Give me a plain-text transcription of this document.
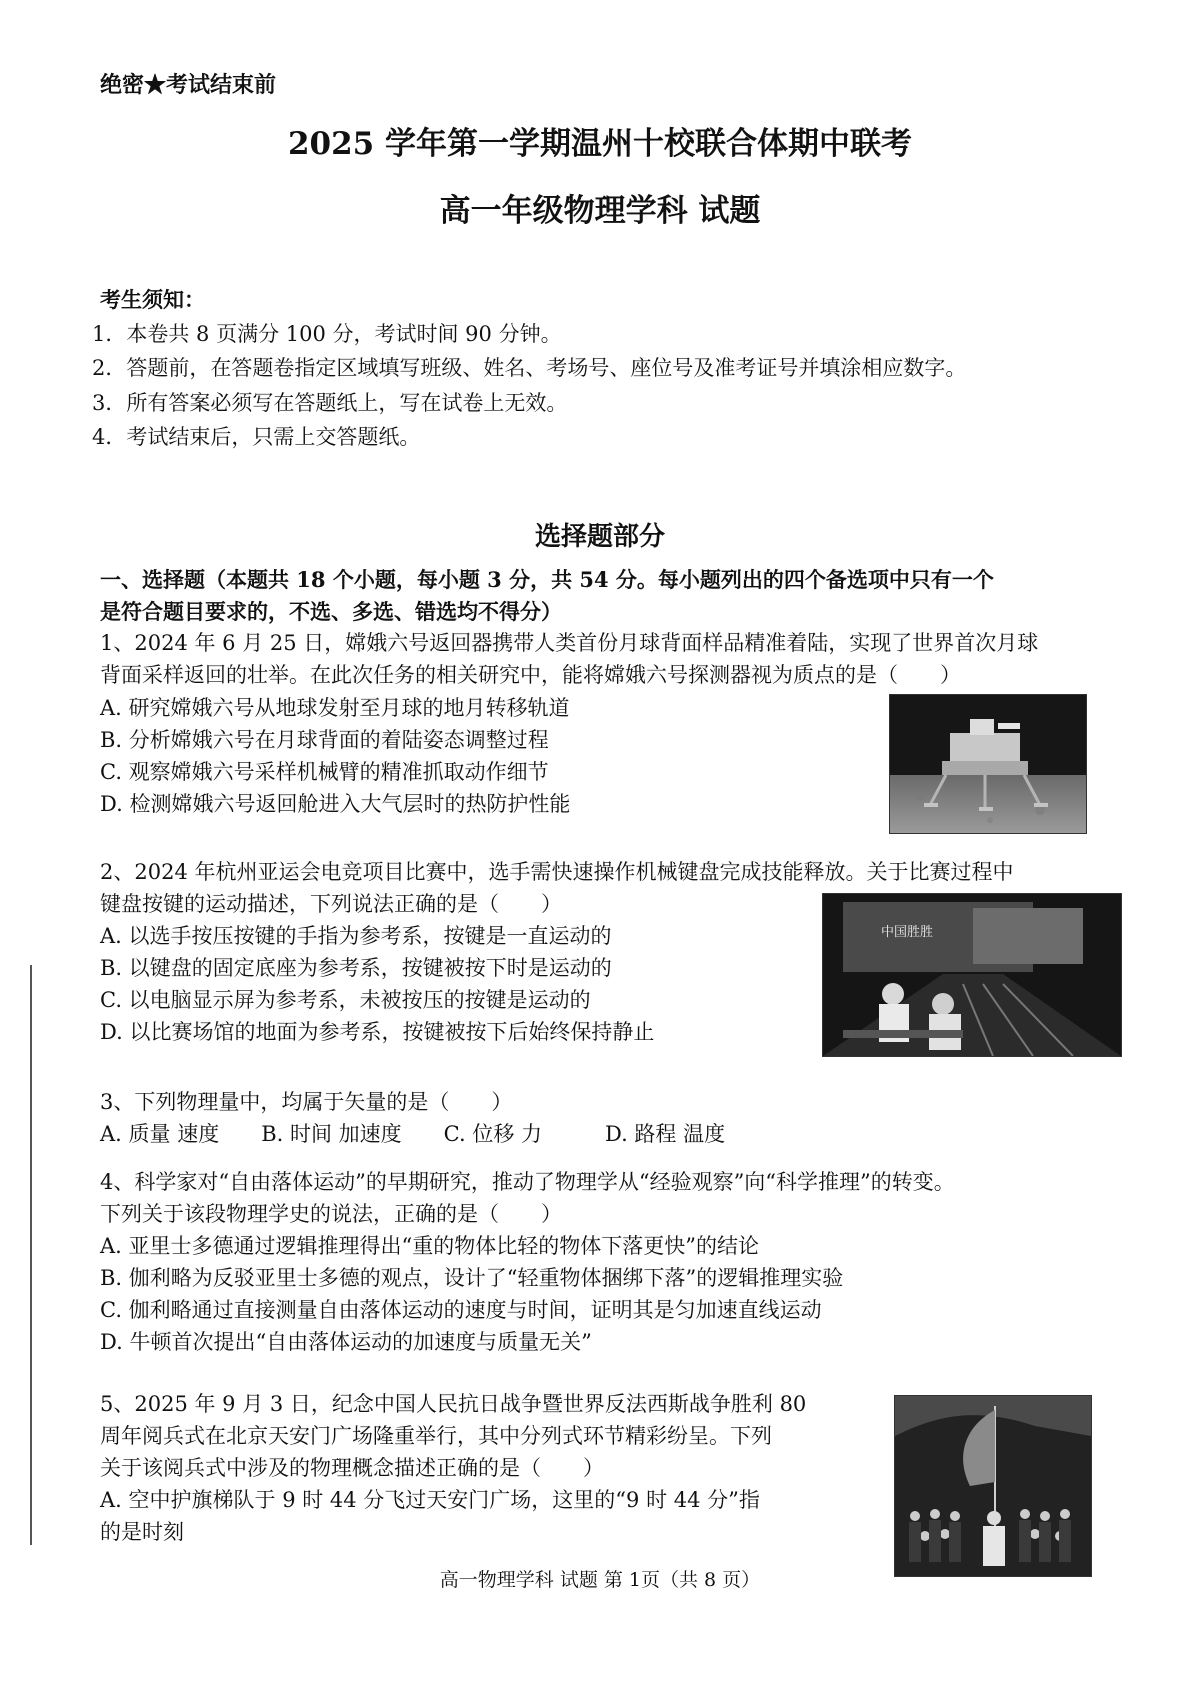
绝密★考试结束前
2025 学年第一学期温州十校联合体期中联考
高一年级物理学科 试题
考生须知：
1．本卷共 8 页满分 100 分，考试时间 90 分钟。
2．答题前，在答题卷指定区域填写班级、姓名、考场号、座位号及准考证号并填涂相应数字。
3．所有答案必须写在答题纸上，写在试卷上无效。
4．考试结束后，只需上交答题纸。
选择题部分
一、选择题（本题共 18 个小题，每小题 3 分，共 54 分。每小题列出的四个备选项中只有一个
是符合题目要求的，不选、多选、错选均不得分）
1、2024 年 6 月 25 日，嫦娥六号返回器携带人类首份月球背面样品精准着陆，实现了世界首次月球
背面采样返回的壮举。在此次任务的相关研究中，能将嫦娥六号探测器视为质点的是（　　）
A. 研究嫦娥六号从地球发射至月球的地月转移轨道
B. 分析嫦娥六号在月球背面的着陆姿态调整过程
C. 观察嫦娥六号采样机械臂的精准抓取动作细节
D. 检测嫦娥六号返回舱进入大气层时的热防护性能
2、2024 年杭州亚运会电竞项目比赛中，选手需快速操作机械键盘完成技能释放。关于比赛过程中
键盘按键的运动描述，下列说法正确的是（　　）
A. 以选手按压按键的手指为参考系，按键是一直运动的
B. 以键盘的固定底座为参考系，按键被按下时是运动的
C. 以电脑显示屏为参考系，未被按压的按键是运动的
D. 以比赛场馆的地面为参考系，按键被按下后始终保持静止
中国胜胜
3、下列物理量中，均属于矢量的是（　　）
A. 质量 速度　　B. 时间 加速度　　C. 位移 力　　　D. 路程 温度
4、科学家对“自由落体运动”的早期研究，推动了物理学从“经验观察”向“科学推理”的转变。
下列关于该段物理学史的说法，正确的是（　　）
A. 亚里士多德通过逻辑推理得出“重的物体比轻的物体下落更快”的结论
B. 伽利略为反驳亚里士多德的观点，设计了“轻重物体捆绑下落”的逻辑推理实验
C. 伽利略通过直接测量自由落体运动的速度与时间，证明其是匀加速直线运动
D. 牛顿首次提出“自由落体运动的加速度与质量无关”
5、2025 年 9 月 3 日，纪念中国人民抗日战争暨世界反法西斯战争胜利 80
周年阅兵式在北京天安门广场隆重举行，其中分列式环节精彩纷呈。下列
关于该阅兵式中涉及的物理概念描述正确的是（　　）
A. 空中护旗梯队于 9 时 44 分飞过天安门广场，这里的“9 时 44 分”指
的是时刻
高一物理学科 试题 第 1页（共 8 页）
